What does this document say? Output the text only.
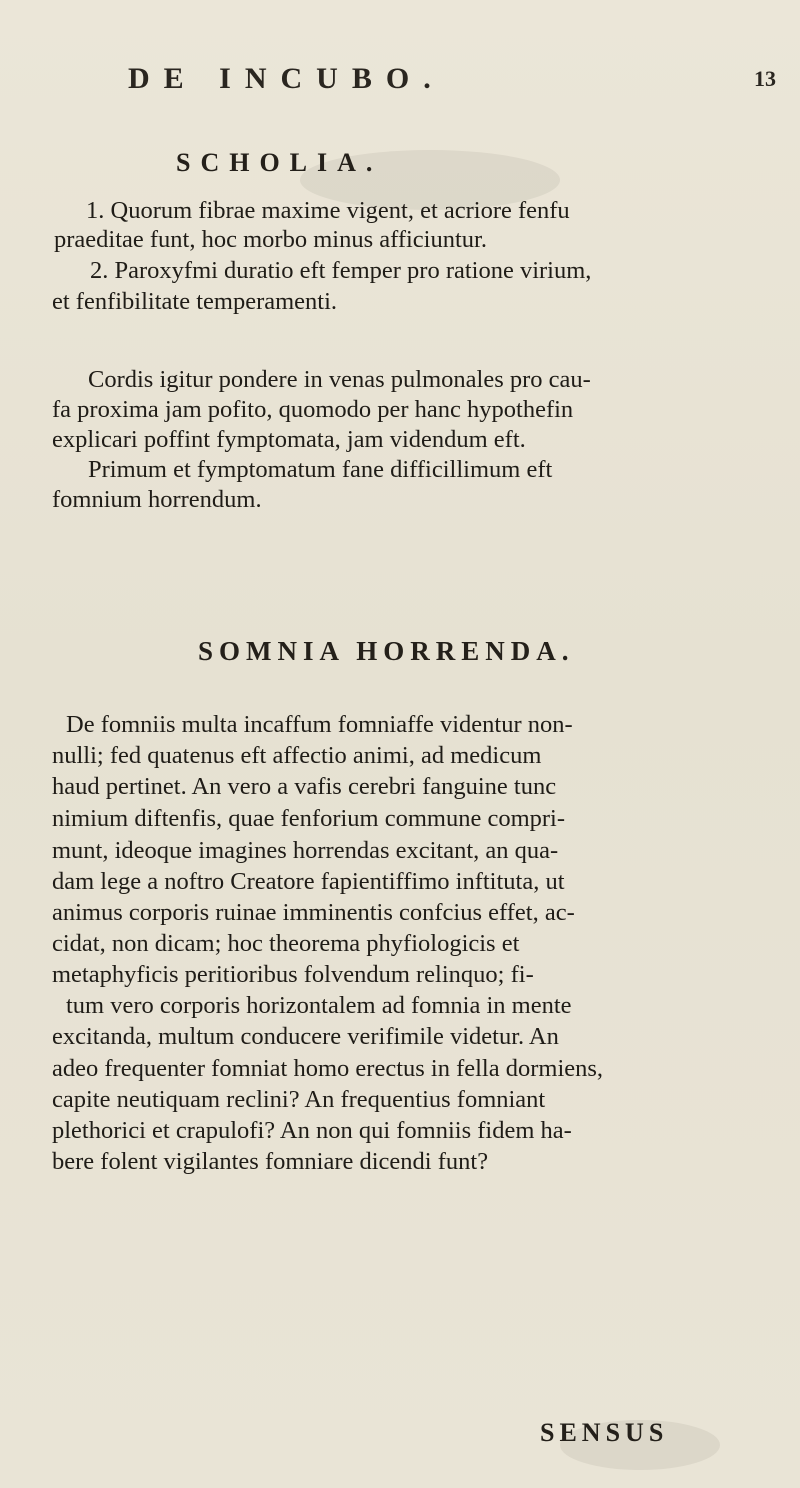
DE INCUBO.	13
SCHOLIA.
1. Quorum fibrae maxime vigent, et acriore fenfu
praeditae funt, hoc morbo minus afficiuntur.
2. Paroxyfmi duratio eft femper pro ratione virium,
et fenfibilitate temperamenti.
Cordis igitur pondere in venas pulmonales pro cau-
fa proxima jam pofito, quomodo per hanc hypothefin
explicari poffint fymptomata, jam videndum eft.
Primum et fymptomatum fane difficillimum eft
fomnium horrendum.
SOMNIA HORRENDA.
De fomniis multa incaffum fomniaffe videntur non-
nulli; fed quatenus eft affectio animi, ad medicum
haud pertinet. An vero a vafis cerebri fanguine tunc
nimium diftenfis, quae fenforium commune compri-
munt, ideoque imagines horrendas excitant, an qua-
dam lege a noftro Creatore fapientiffimo inftituta, ut
animus corporis ruinae imminentis confcius effet, ac-
cidat, non dicam; hoc theorema phyfiologicis et
metaphyficis peritioribus folvendum relinquo; fi-
tum vero corporis horizontalem ad fomnia in mente
excitanda, multum conducere verifimile videtur. An
adeo frequenter fomniat homo erectus in fella dormiens,
capite neutiquam reclini? An frequentius fomniant
plethorici et crapulofi? An non qui fomniis fidem ha-
bere folent vigilantes fomniare dicendi funt?
SENSUS
